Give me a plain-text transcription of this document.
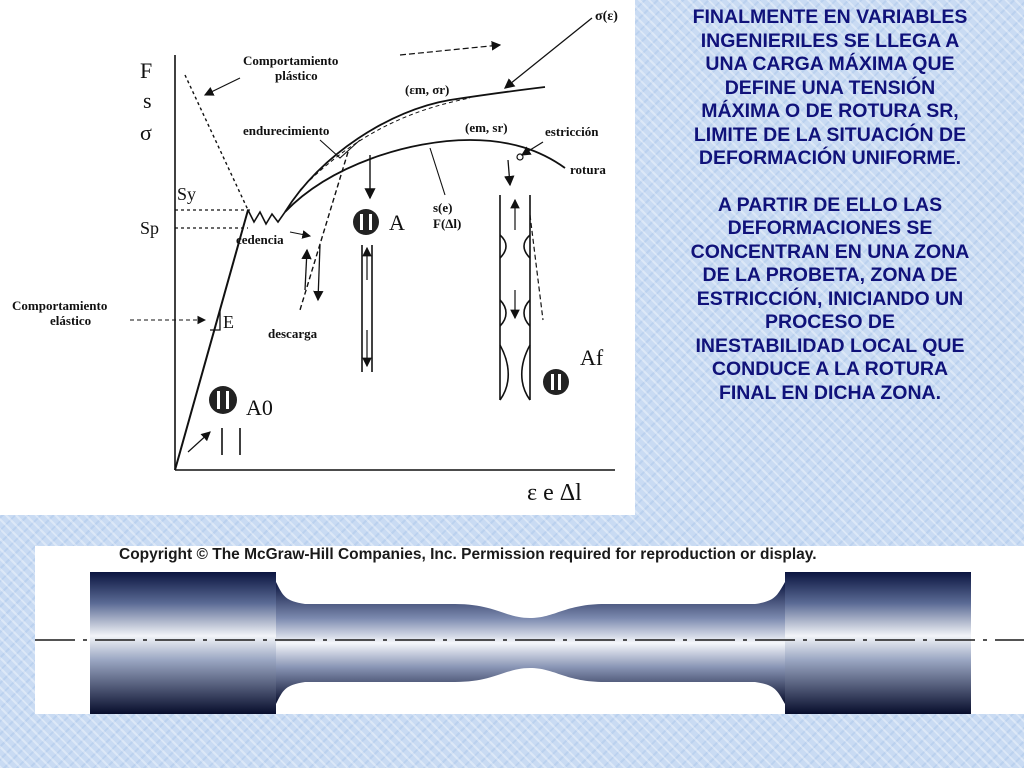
F
s
σ
ε e Δl
E
Sy
Sp
Comportamiento
plástico
σ(ε)
(εm, σr)
(em, sr)
endurecimiento	estricción
rotura
cedencia
Comportamiento
elástico
descarga
s(e)
F(Δl)
A
Af
A0

FINALMENTE EN VARIABLES
INGENIERILES SE LLEGA A
UNA CARGA MÁXIMA QUE
DEFINE UNA TENSIÓN
MÁXIMA O DE ROTURA SR,
LIMITE DE LA SITUACIÓN DE
DEFORMACIÓN UNIFORME.

A PARTIR DE ELLO LAS
DEFORMACIONES SE
CONCENTRAN EN UNA ZONA
DE LA PROBETA, ZONA DE
ESTRICCIÓN, INICIANDO UN
PROCESO DE
INESTABILIDAD LOCAL QUE
CONDUCE A LA ROTURA
FINAL EN DICHA ZONA.

Copyright © The McGraw-Hill Companies, Inc. Permission required for reproduction or display.
